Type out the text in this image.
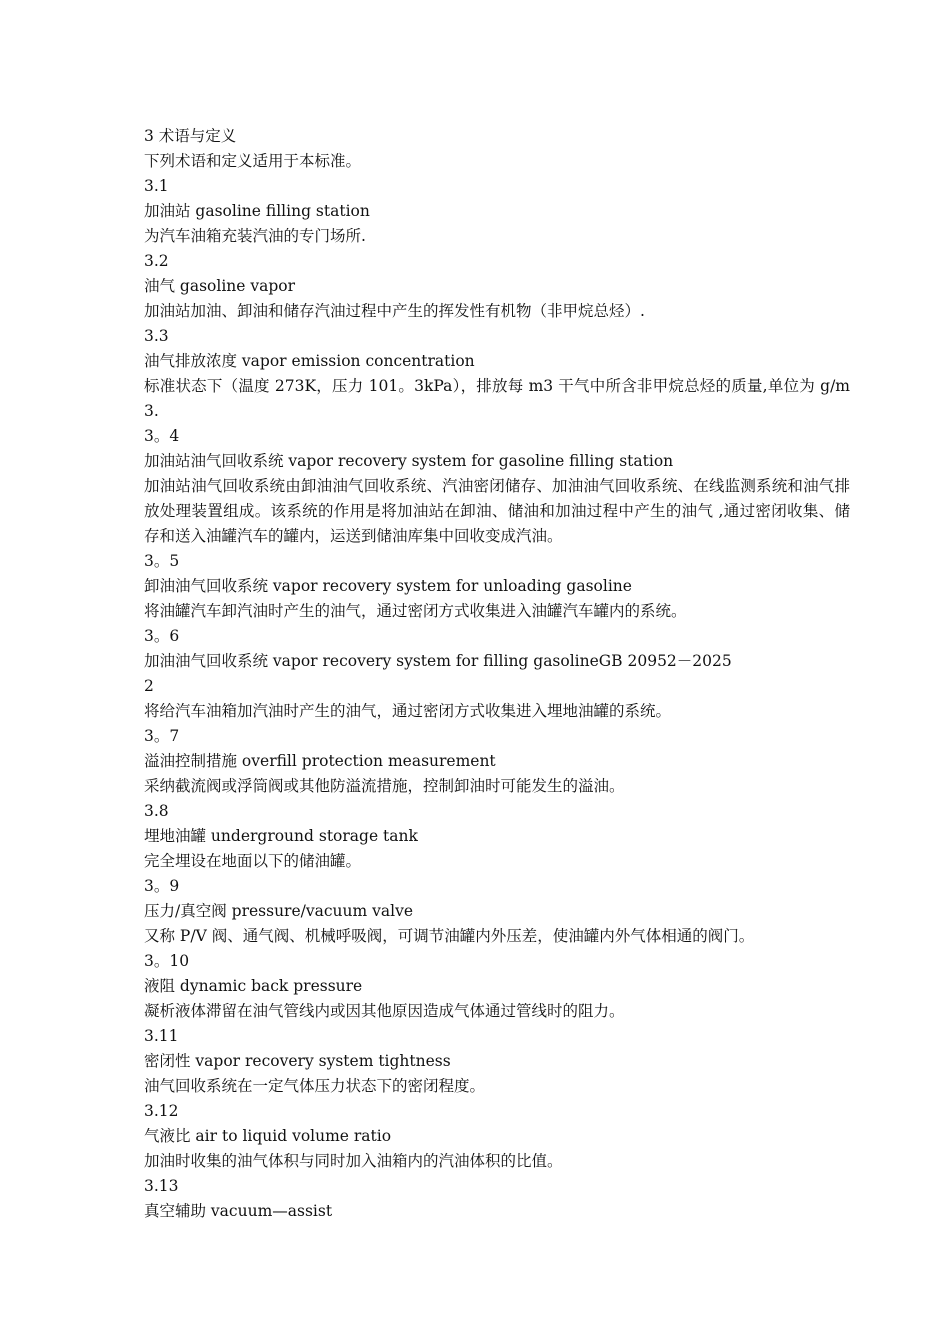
3 术语与定义

下列术语和定义适用于本标准。

3.1

加油站 gasoline filling station

为汽车油箱充装汽油的专门场所.

3.2

油气 gasoline vapor

加油站加油、卸油和储存汽油过程中产生的挥发性有机物（非甲烷总烃）.

3.3

油气排放浓度 vapor emission concentration

标准状态下（温度 273K，压力 101。3kPa），排放每 m3 干气中所含非甲烷总烃的质量,单位为 g/m3.

3。4

加油站油气回收系统 vapor recovery system for gasoline filling station

加油站油气回收系统由卸油油气回收系统、汽油密闭储存、加油油气回收系统、在线监测系统和油气排放处理装置组成。该系统的作用是将加油站在卸油、储油和加油过程中产生的油气 ,通过密闭收集、储存和送入油罐汽车的罐内，运送到储油库集中回收变成汽油。

3。5

卸油油气回收系统 vapor recovery system for unloading gasoline

将油罐汽车卸汽油时产生的油气，通过密闭方式收集进入油罐汽车罐内的系统。

3。6

加油油气回收系统 vapor recovery system for filling gasolineGB 20952－2025

2

将给汽车油箱加汽油时产生的油气，通过密闭方式收集进入埋地油罐的系统。

3。7

溢油控制措施 overfill protection measurement

采纳截流阀或浮筒阀或其他防溢流措施，控制卸油时可能发生的溢油。

3.8

埋地油罐 underground storage tank

完全埋设在地面以下的储油罐。

3。9

压力/真空阀 pressure/vacuum valve

又称 P/V 阀、通气阀、机械呼吸阀，可调节油罐内外压差，使油罐内外气体相通的阀门。

3。10

液阻 dynamic back pressure

凝析液体滞留在油气管线内或因其他原因造成气体通过管线时的阻力。

3.11

密闭性 vapor recovery system tightness

油气回收系统在一定气体压力状态下的密闭程度。

3.12

气液比 air to liquid volume ratio

加油时收集的油气体积与同时加入油箱内的汽油体积的比值。

3.13

真空辅助 vacuum—assist
